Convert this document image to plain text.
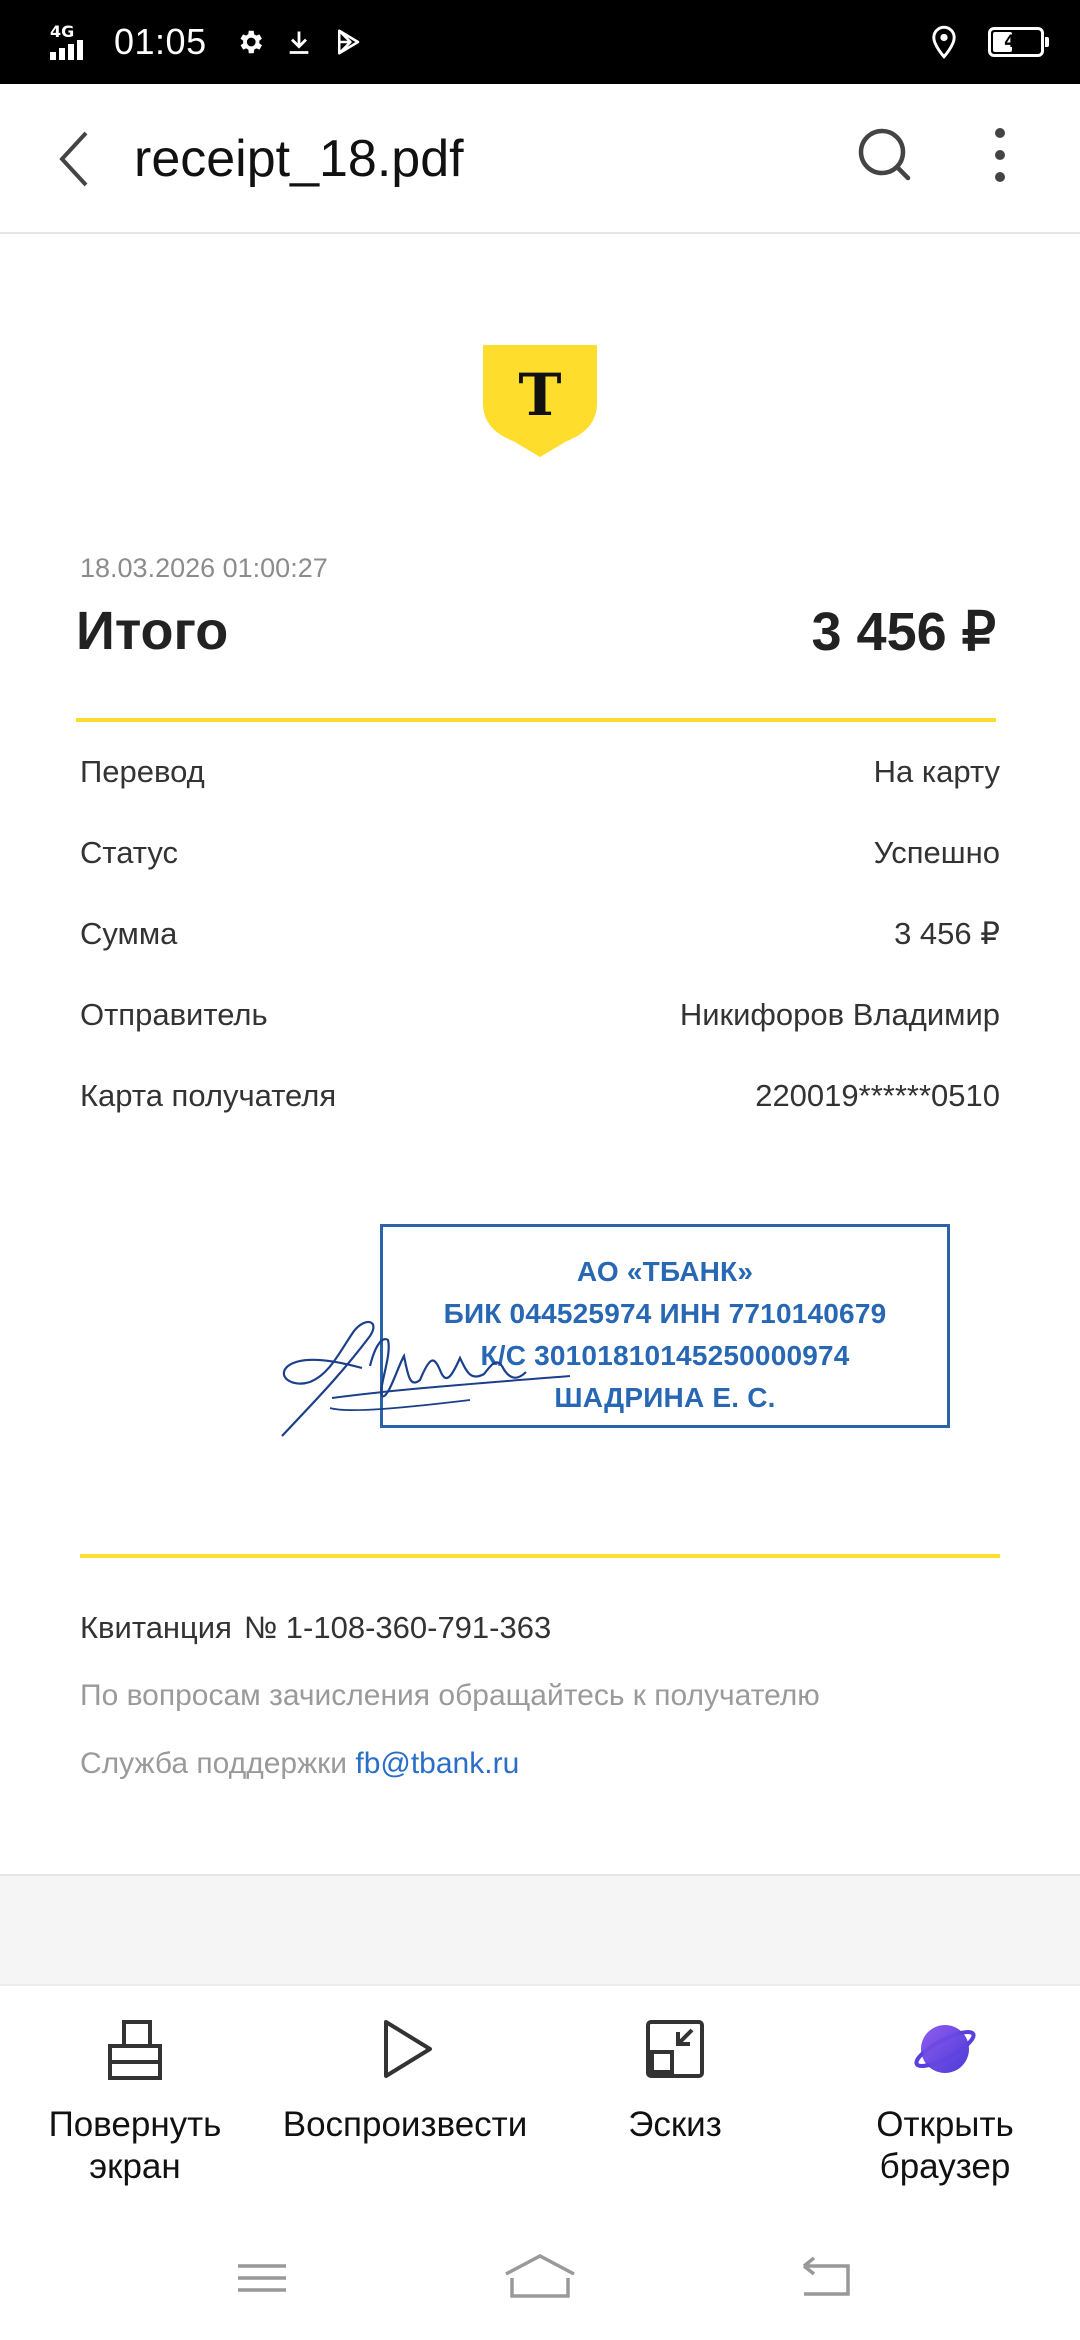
4G 01:05	42
receipt_18.pdf
Т
18.03.2026 01:00:27
Итого	3 456 ₽
Перевод	На карту
Статус	Успешно
Сумма	3 456 ₽
Отправитель	Никифоров Владимир
Карта получателя	220019******0510
АО «ТБАНК»
БИК 044525974 ИНН 7710140679
К/С 30101810145250000974
ШАДРИНА Е. С.
Квитанция № 1-108-360-791-363
По вопросам зачисления обращайтесь к получателю
Служба поддержки fb@tbank.ru
Повернуть
экран
Воспроизвести	Эскиз	Открыть
браузер
